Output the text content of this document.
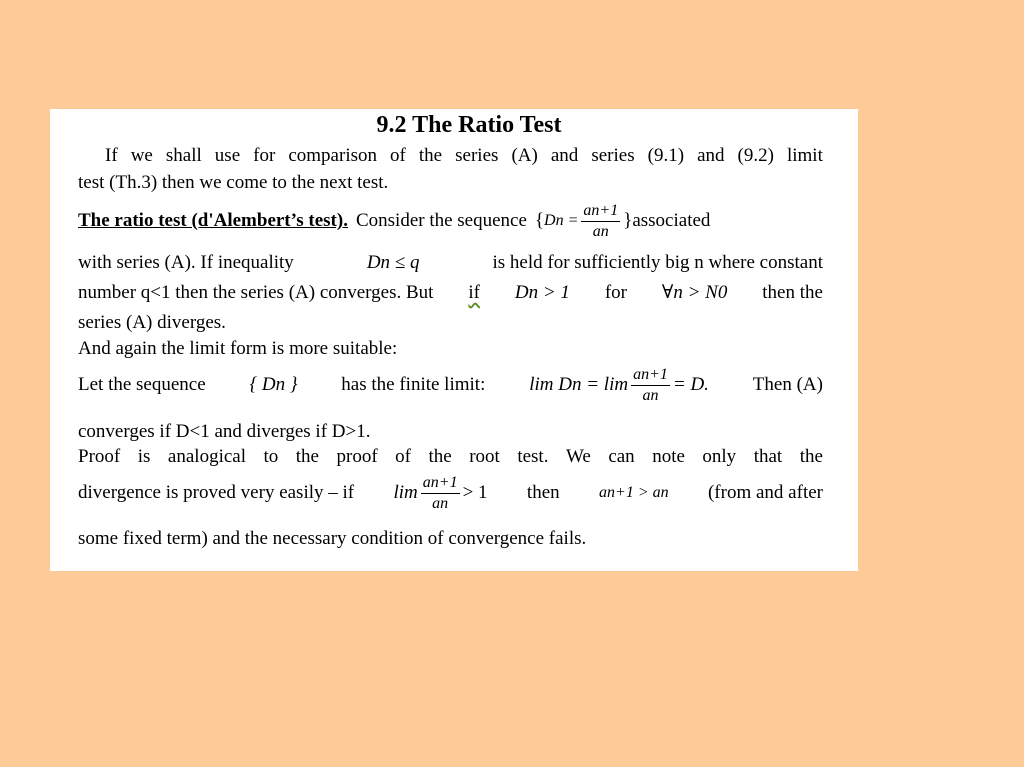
9.2 The Ratio Test
If we shall use for comparison of the series (A) and series (9.1) and (9.2) limit
test (Th.3) then we come to the next test.
The ratio test (d'Alembert’s test). Consider the sequence { $Dn = \frac{an+1}{an}$ } associated
with series (A). If inequality	Dn ≤ q	is held for sufficiently big n where constant
number q<1 then the series (A) converges. But if Dn > 1 for ∀n > N0 then the
series (A) diverges.
And again the limit form is more suitable:
Let the sequence { Dn } has the finite limit: $\lim Dn = \lim \frac{an+1}{an} = D$. Then (A)
converges if D<1 and diverges if D>1.
Proof is analogical to the proof of the root test. We can note only that the
divergence is proved very easily – if $\lim \frac{an+1}{an} > 1$ then an+1 > an (from and after
some fixed term) and the necessary condition of convergence fails.
